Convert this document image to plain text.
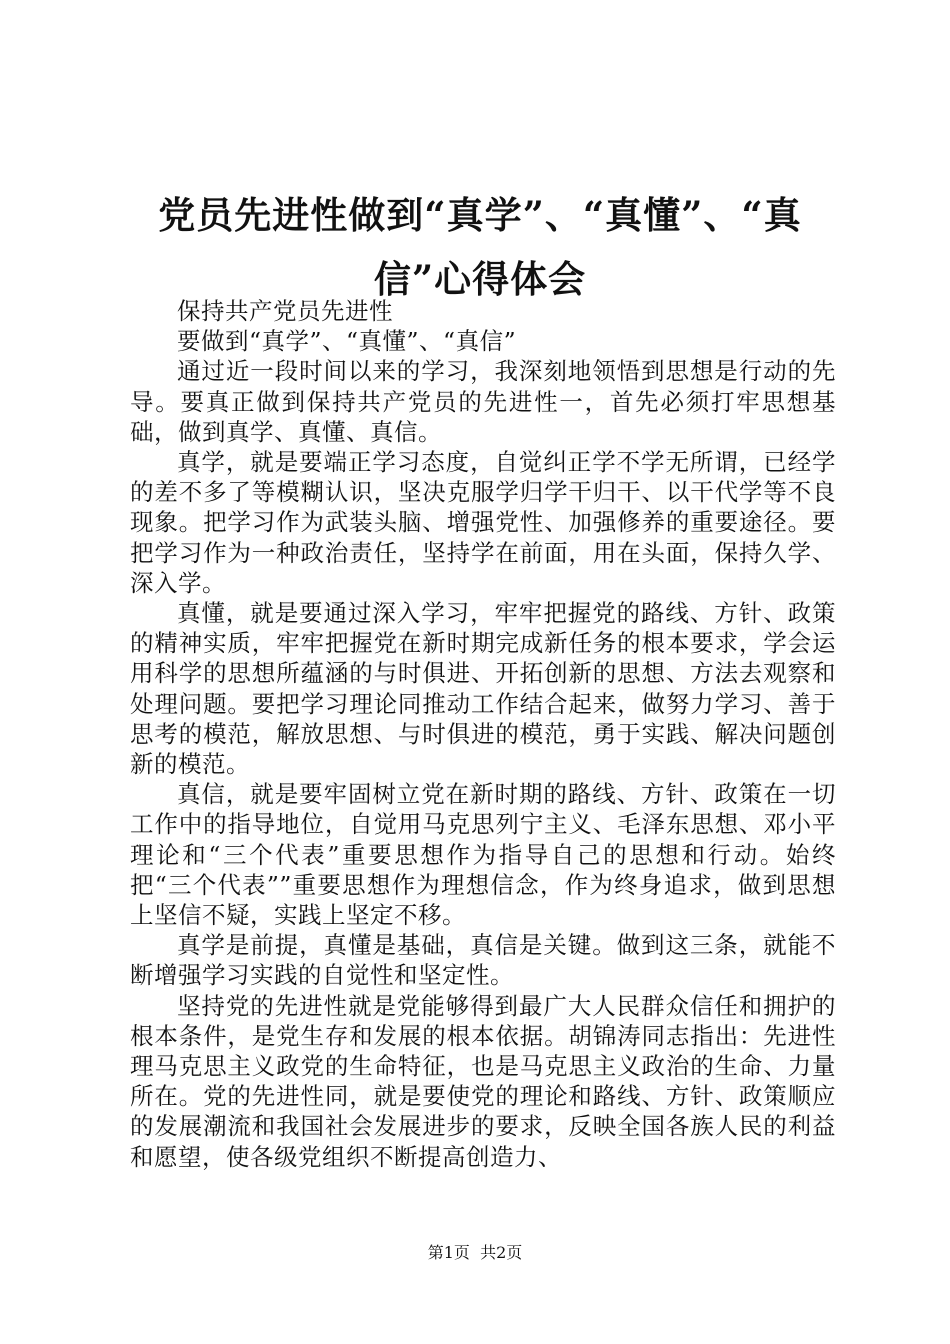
党员先进性做到“真学”、“真懂”、“真
信”心得体会

保持共产党员先进性

要做到“真学”、“真懂”、“真信”

通过近一段时间以来的学习，我深刻地领悟到思想是行动的先导。要真正做到保持共产党员的先进性一，首先必须打牢思想基础，做到真学、真懂、真信。

真学，就是要端正学习态度，自觉纠正学不学无所谓，已经学的差不多了等模糊认识，坚决克服学归学干归干、以干代学等不良现象。把学习作为武装头脑、增强党性、加强修养的重要途径。要把学习作为一种政治责任，坚持学在前面，用在头面，保持久学、深入学。

真懂，就是要通过深入学习，牢牢把握党的路线、方针、政策的精神实质，牢牢把握党在新时期完成新任务的根本要求，学会运用科学的思想所蕴涵的与时俱进、开拓创新的思想、方法去观察和处理问题。要把学习理论同推动工作结合起来，做努力学习、善于思考的模范，解放思想、与时俱进的模范，勇于实践、解决问题创新的模范。

真信，就是要牢固树立党在新时期的路线、方针、政策在一切工作中的指导地位，自觉用马克思列宁主义、毛泽东思想、邓小平理论和“三个代表”重要思想作为指导自己的思想和行动。始终把“三个代表””重要思想作为理想信念，作为终身追求，做到思想上坚信不疑，实践上坚定不移。

真学是前提，真懂是基础，真信是关键。做到这三条，就能不断增强学习实践的自觉性和坚定性。

坚持党的先进性就是党能够得到最广大人民群众信任和拥护的根本条件，是党生存和发展的根本依据。胡锦涛同志指出：先进性理马克思主义政党的生命特征，也是马克思主义政治的生命、力量所在。党的先进性同，就是要使党的理论和路线、方针、政策顺应的发展潮流和我国社会发展进步的要求，反映全国各族人民的利益和愿望，使各级党组织不断提高创造力、

第1页 共2页
